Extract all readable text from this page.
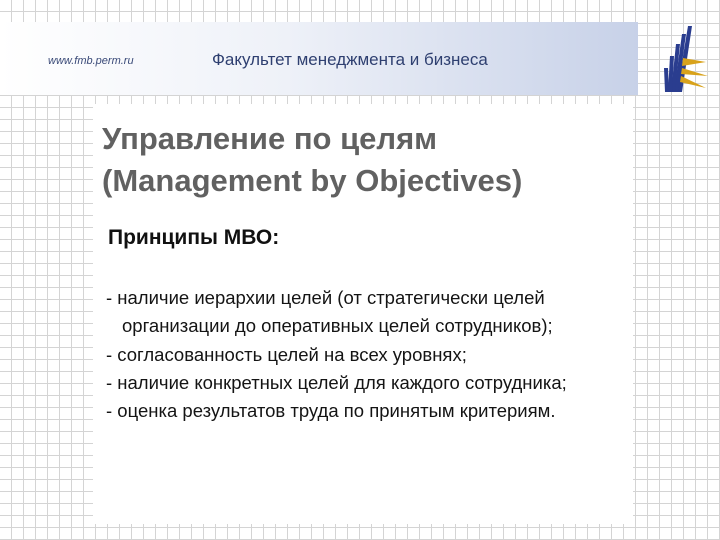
www.fmb.perm.ru	Факультет менеджмента и бизнеса
Управление по целям
(Management by Objectives)
Принципы МВО:
- наличие иерархии целей (от стратегически целей организации до оперативных целей сотрудников);
- согласованность целей на всех уровнях;
- наличие конкретных целей для каждого сотрудника;
- оценка результатов труда по принятым критериям.
